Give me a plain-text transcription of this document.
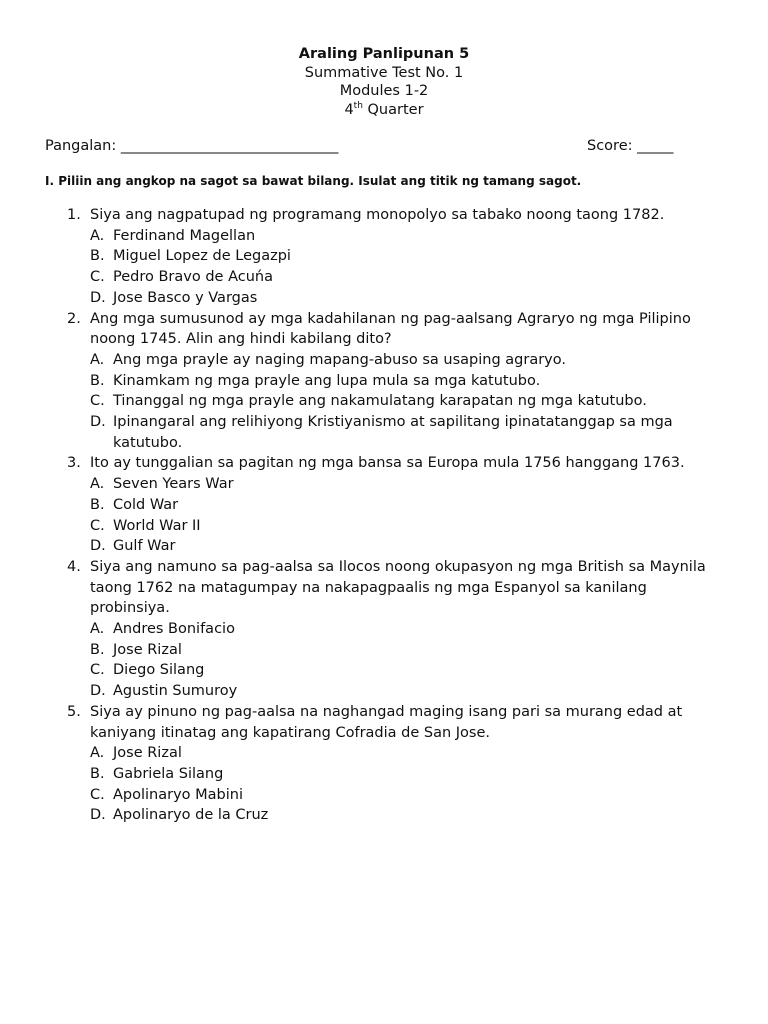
Araling Panlipunan 5
Summative Test No. 1
Modules 1-2
4th Quarter
Pangalan: ______________________________	Score: _____
I. Piliin ang angkop na sagot sa bawat bilang. Isulat ang titik ng tamang sagot.
1. Siya ang nagpatupad ng programang monopolyo sa tabako noong taong 1782.
A. Ferdinand Magellan
B. Miguel Lopez de Legazpi
C. Pedro Bravo de Acuńa
D. Jose Basco y Vargas
2. Ang mga sumusunod ay mga kadahilanan ng pag-aalsang Agraryo ng mga Pilipino noong 1745. Alin ang hindi kabilang dito?
A. Ang mga prayle ay naging mapang-abuso sa usaping agraryo.
B. Kinamkam ng mga prayle ang lupa mula sa mga katutubo.
C. Tinanggal ng mga prayle ang nakamulatang karapatan ng mga katutubo.
D. Ipinangaral ang relihiyong Kristiyanismo at sapilitang ipinatatanggap sa mga katutubo.
3. Ito ay tunggalian sa pagitan ng mga bansa sa Europa mula 1756 hanggang 1763.
A. Seven Years War
B. Cold War
C. World War II
D. Gulf War
4. Siya ang namuno sa pag-aalsa sa Ilocos noong okupasyon ng mga British sa Maynila taong 1762 na matagumpay na nakapagpaalis ng mga Espanyol sa kanilang probinsiya.
A. Andres Bonifacio
B. Jose Rizal
C. Diego Silang
D. Agustin Sumuroy
5. Siya ay pinuno ng pag-aalsa na naghangad maging isang pari sa murang edad at kaniyang itinatag ang kapatirang Cofradia de San Jose.
A. Jose Rizal
B. Gabriela Silang
C. Apolinaryo Mabini
D. Apolinaryo de la Cruz
